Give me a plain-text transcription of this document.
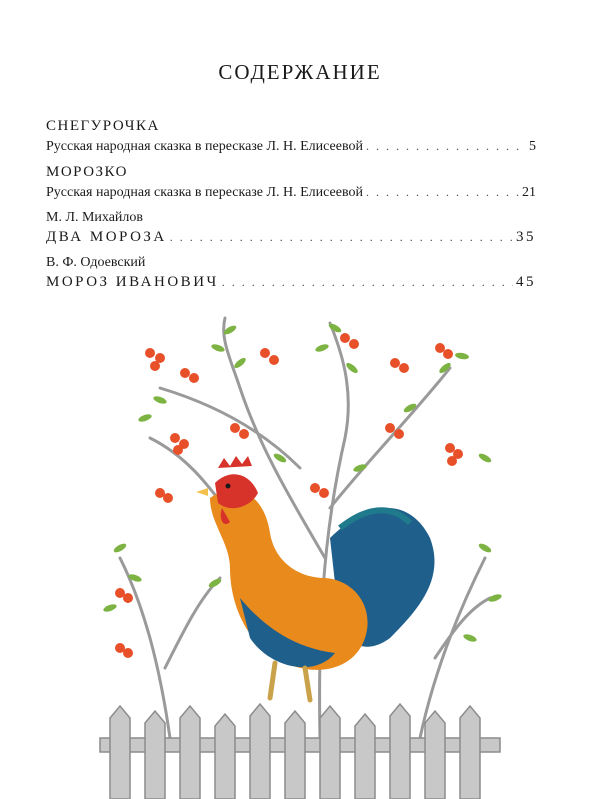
СОДЕРЖАНИЕ
СНЕГУРОЧКА
Русская народная сказка в пересказе Л. Н. Елисеевой . . .	5
МОРОЗКО
Русская народная сказка в пересказе Л. Н. Елисеевой . . .	21
М. Л. Михайлов
ДВА МОРОЗА . . .	35
В. Ф. Одоевский
МОРОЗ ИВАНОВИЧ . . .	45
